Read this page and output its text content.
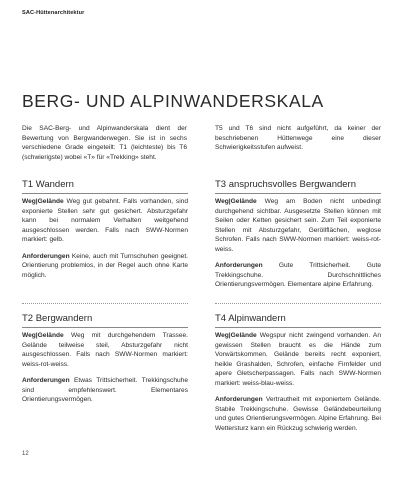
SAC-Hüttenarchitektur
BERG- UND ALPINWANDERSKALA

Die SAC-Berg- und Alpinwanderskala dient der Bewertung von Bergwanderwegen. Sie ist in sechs verschiedene Grade eingeteilt: T1 (leichteste) bis T6 (schwierigste) wobei «T» für «Trekking» steht.

T5 und T6 sind nicht aufgeführt, da keiner der beschriebenen Hüttenwege eine dieser Schwierigkeitsstufen aufweist.

T1 Wandern

Weg|Gelände Weg gut gebahnt. Falls vorhanden, sind exponierte Stellen sehr gut gesichert. Absturzgefahr kann bei normalem Verhalten weitgehend ausgeschlossen werden. Falls nach SWW-Normen markiert: gelb.

Anforderungen Keine, auch mit Turnschuhen geeignet. Orientierung problemlos, in der Regel auch ohne Karte möglich.

T3 anspruchsvolles Bergwandern

Weg|Gelände Weg am Boden nicht unbedingt durchgehend sichtbar. Ausgesetzte Stellen können mit Seilen oder Ketten gesichert sein. Zum Teil exponierte Stellen mit Absturzgefahr, Geröllflächen, weglose Schrofen. Falls nach SWW-Normen markiert: weiss-rot-weiss.

Anforderungen Gute Trittsicherheit. Gute Trekkingschuhe. Durchschnittliches Orientierungsvermögen. Elementare alpine Erfahrung.

T2 Bergwandern

Weg|Gelände Weg mit durchgehendem Trassee. Gelände teilweise steil, Absturzgefahr nicht ausgeschlossen. Falls nach SWW-Normen markiert: weiss-rot-weiss.

Anforderungen Etwas Trittsicherheit. Trekkingschuhe sind empfehlenswert. Elementares Orientierungsvermögen.

T4 Alpinwandern

Weg|Gelände Wegspur nicht zwingend vorhanden. An gewissen Stellen braucht es die Hände zum Vorwärtskommen. Gelände bereits recht exponiert, heikle Grashalden, Schrofen, einfache Firnfelder und apere Gletscherpassagen. Falls nach SWW-Normen markiert: weiss-blau-weiss.

Anforderungen Vertrautheit mit exponiertem Gelände. Stabile Trekkingschuhe. Gewisse Geländebeurteilung und gutes Orientierungsvermögen. Alpine Erfahrung. Bei Wettersturz kann ein Rückzug schwierig werden.

12
